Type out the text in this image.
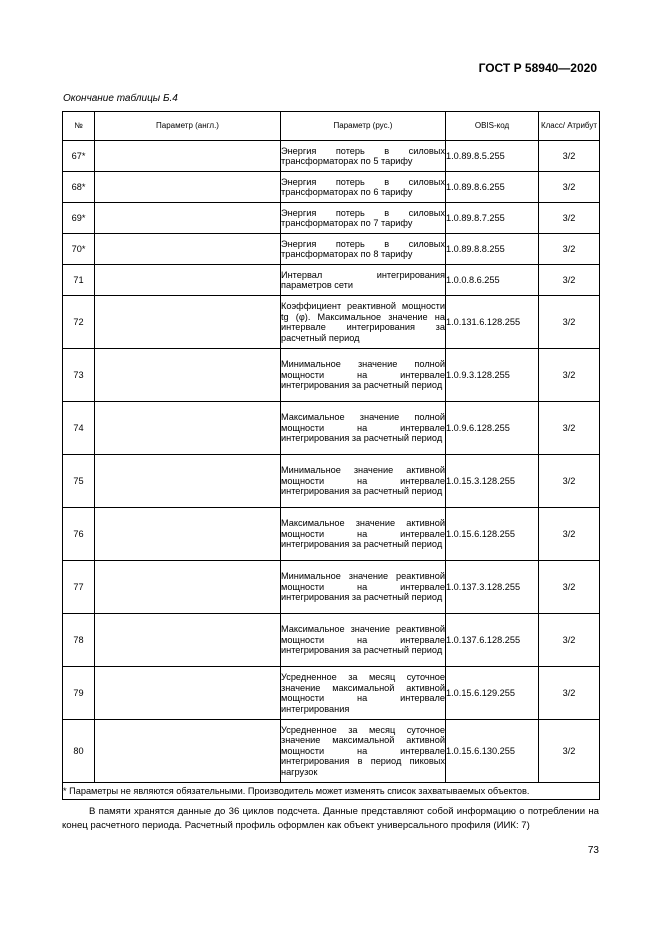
ГОСТ Р 58940—2020
Окончание таблицы Б.4
№	Параметр (англ.)	Параметр (рус.)	OBIS-код	Класс/ Атрибут
67*		Энергия потерь в силовых трансформаторах по 5 тарифу	1.0.89.8.5.255	3/2
68*		Энергия потерь в силовых трансформаторах по 6 тарифу	1.0.89.8.6.255	3/2
69*		Энергия потерь в силовых трансформаторах по 7 тарифу	1.0.89.8.7.255	3/2
70*		Энергия потерь в силовых трансформаторах по 8 тарифу	1.0.89.8.8.255	3/2
71		Интервал интегрирования параметров сети	1.0.0.8.6.255	3/2
72		Коэффициент реактивной мощности tg (φ). Максимальное значение на интервале интегрирования за расчетный период	1.0.131.6.128.255	3/2
73		Минимальное значение полной мощности на интервале интегрирования за расчетный период	1.0.9.3.128.255	3/2
74		Максимальное значение полной мощности на интервале интегрирования за расчетный период	1.0.9.6.128.255	3/2
75		Минимальное значение активной мощности на интервале интегрирования за расчетный период	1.0.15.3.128.255	3/2
76		Максимальное значение активной мощности на интервале интегрирования за расчетный период	1.0.15.6.128.255	3/2
77		Минимальное значение реактивной мощности на интервале интегрирования за расчетный период	1.0.137.3.128.255	3/2
78		Максимальное значение реактивной мощности на интервале интегрирования за расчетный период	1.0.137.6.128.255	3/2
79		Усредненное за месяц суточное значение максимальной активной мощности на интервале интегрирования	1.0.15.6.129.255	3/2
80		Усредненное за месяц суточное значение максимальной активной мощности на интервале интегрирования в период пиковых нагрузок	1.0.15.6.130.255	3/2
* Параметры не являются обязательными. Производитель может изменять список захватываемых объектов.				

В памяти хранятся данные до 36 циклов подсчета. Данные представляют собой информацию о потреблении на конец расчетного периода. Расчетный профиль оформлен как объект универсального профиля (ИИК: 7)

73
